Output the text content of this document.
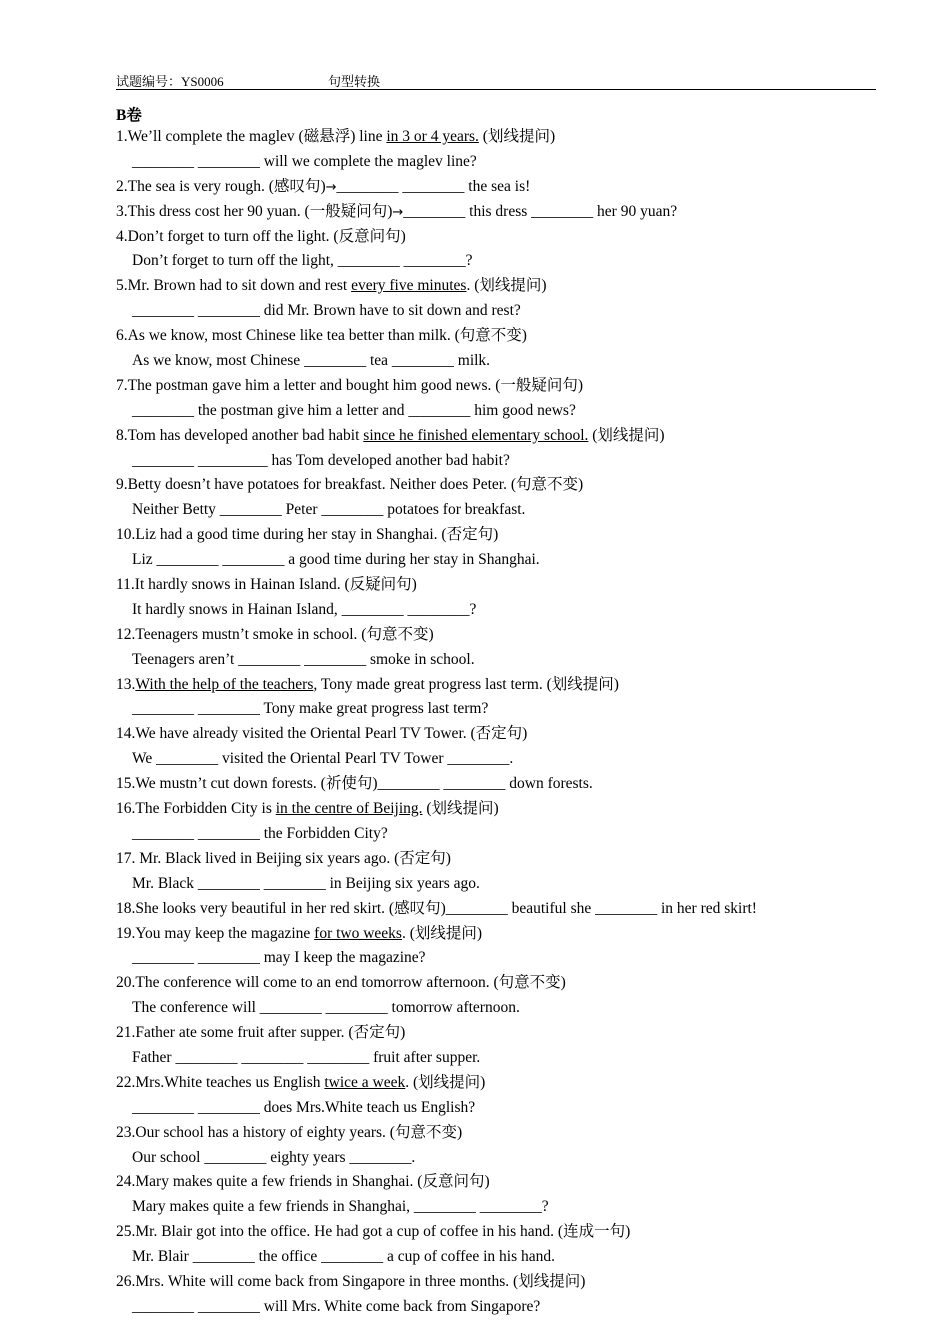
试题编号：YS0006	句型转换
B卷
1.We’ll complete the maglev (磁悬浮) line in 3 or 4 years. (划线提问)
________ ________ will we complete the maglev line?
2.The sea is very rough. (感叹句)→________ ________ the sea is!
3.This dress cost her 90 yuan. (一般疑问句)→________ this dress ________ her 90 yuan?
4.Don’t forget to turn off the light. (反意问句)
Don’t forget to turn off the light, ________ ________?
5.Mr. Brown had to sit down and rest every five minutes. (划线提问)
________ ________ did Mr. Brown have to sit down and rest?
6.As we know, most Chinese like tea better than milk. (句意不变)
As we know, most Chinese ________ tea ________ milk.
7.The postman gave him a letter and bought him good news. (一般疑问句)
________ the postman give him a letter and ________ him good news?
8.Tom has developed another bad habit since he finished elementary school. (划线提问)
________ _________ has Tom developed another bad habit?
9.Betty doesn’t have potatoes for breakfast. Neither does Peter. (句意不变)
Neither Betty ________ Peter ________ potatoes for breakfast.
10.Liz had a good time during her stay in Shanghai. (否定句)
Liz ________ ________ a good time during her stay in Shanghai.
11.It hardly snows in Hainan Island. (反疑问句)
It hardly snows in Hainan Island, ________ ________?
12.Teenagers mustn’t smoke in school. (句意不变)
Teenagers aren’t ________ ________ smoke in school.
13.With the help of the teachers, Tony made great progress last term. (划线提问)
________ ________ Tony make great progress last term?
14.We have already visited the Oriental Pearl TV Tower. (否定句)
We ________ visited the Oriental Pearl TV Tower ________.
15.We mustn’t cut down forests. (祈使句)________ ________ down forests.
16.The Forbidden City is in the centre of Beijing. (划线提问)
________ ________ the Forbidden City?
17. Mr. Black lived in Beijing six years ago. (否定句)
Mr. Black ________ ________ in Beijing six years ago.
18.She looks very beautiful in her red skirt. (感叹句)________ beautiful she ________ in her red skirt!
19.You may keep the magazine for two weeks. (划线提问)
________ ________ may I keep the magazine?
20.The conference will come to an end tomorrow afternoon. (句意不变)
The conference will ________ ________ tomorrow afternoon.
21.Father ate some fruit after supper. (否定句)
Father ________ ________ ________ fruit after supper.
22.Mrs.White teaches us English twice a week. (划线提问)
________ ________ does Mrs.White teach us English?
23.Our school has a history of eighty years. (句意不变)
Our school ________ eighty years ________.
24.Mary makes quite a few friends in Shanghai. (反意问句)
Mary makes quite a few friends in Shanghai, ________ ________?
25.Mr. Blair got into the office. He had got a cup of coffee in his hand. (连成一句)
Mr. Blair ________ the office ________ a cup of coffee in his hand.
26.Mrs. White will come back from Singapore in three months. (划线提问)
________ ________ will Mrs. White come back from Singapore?
